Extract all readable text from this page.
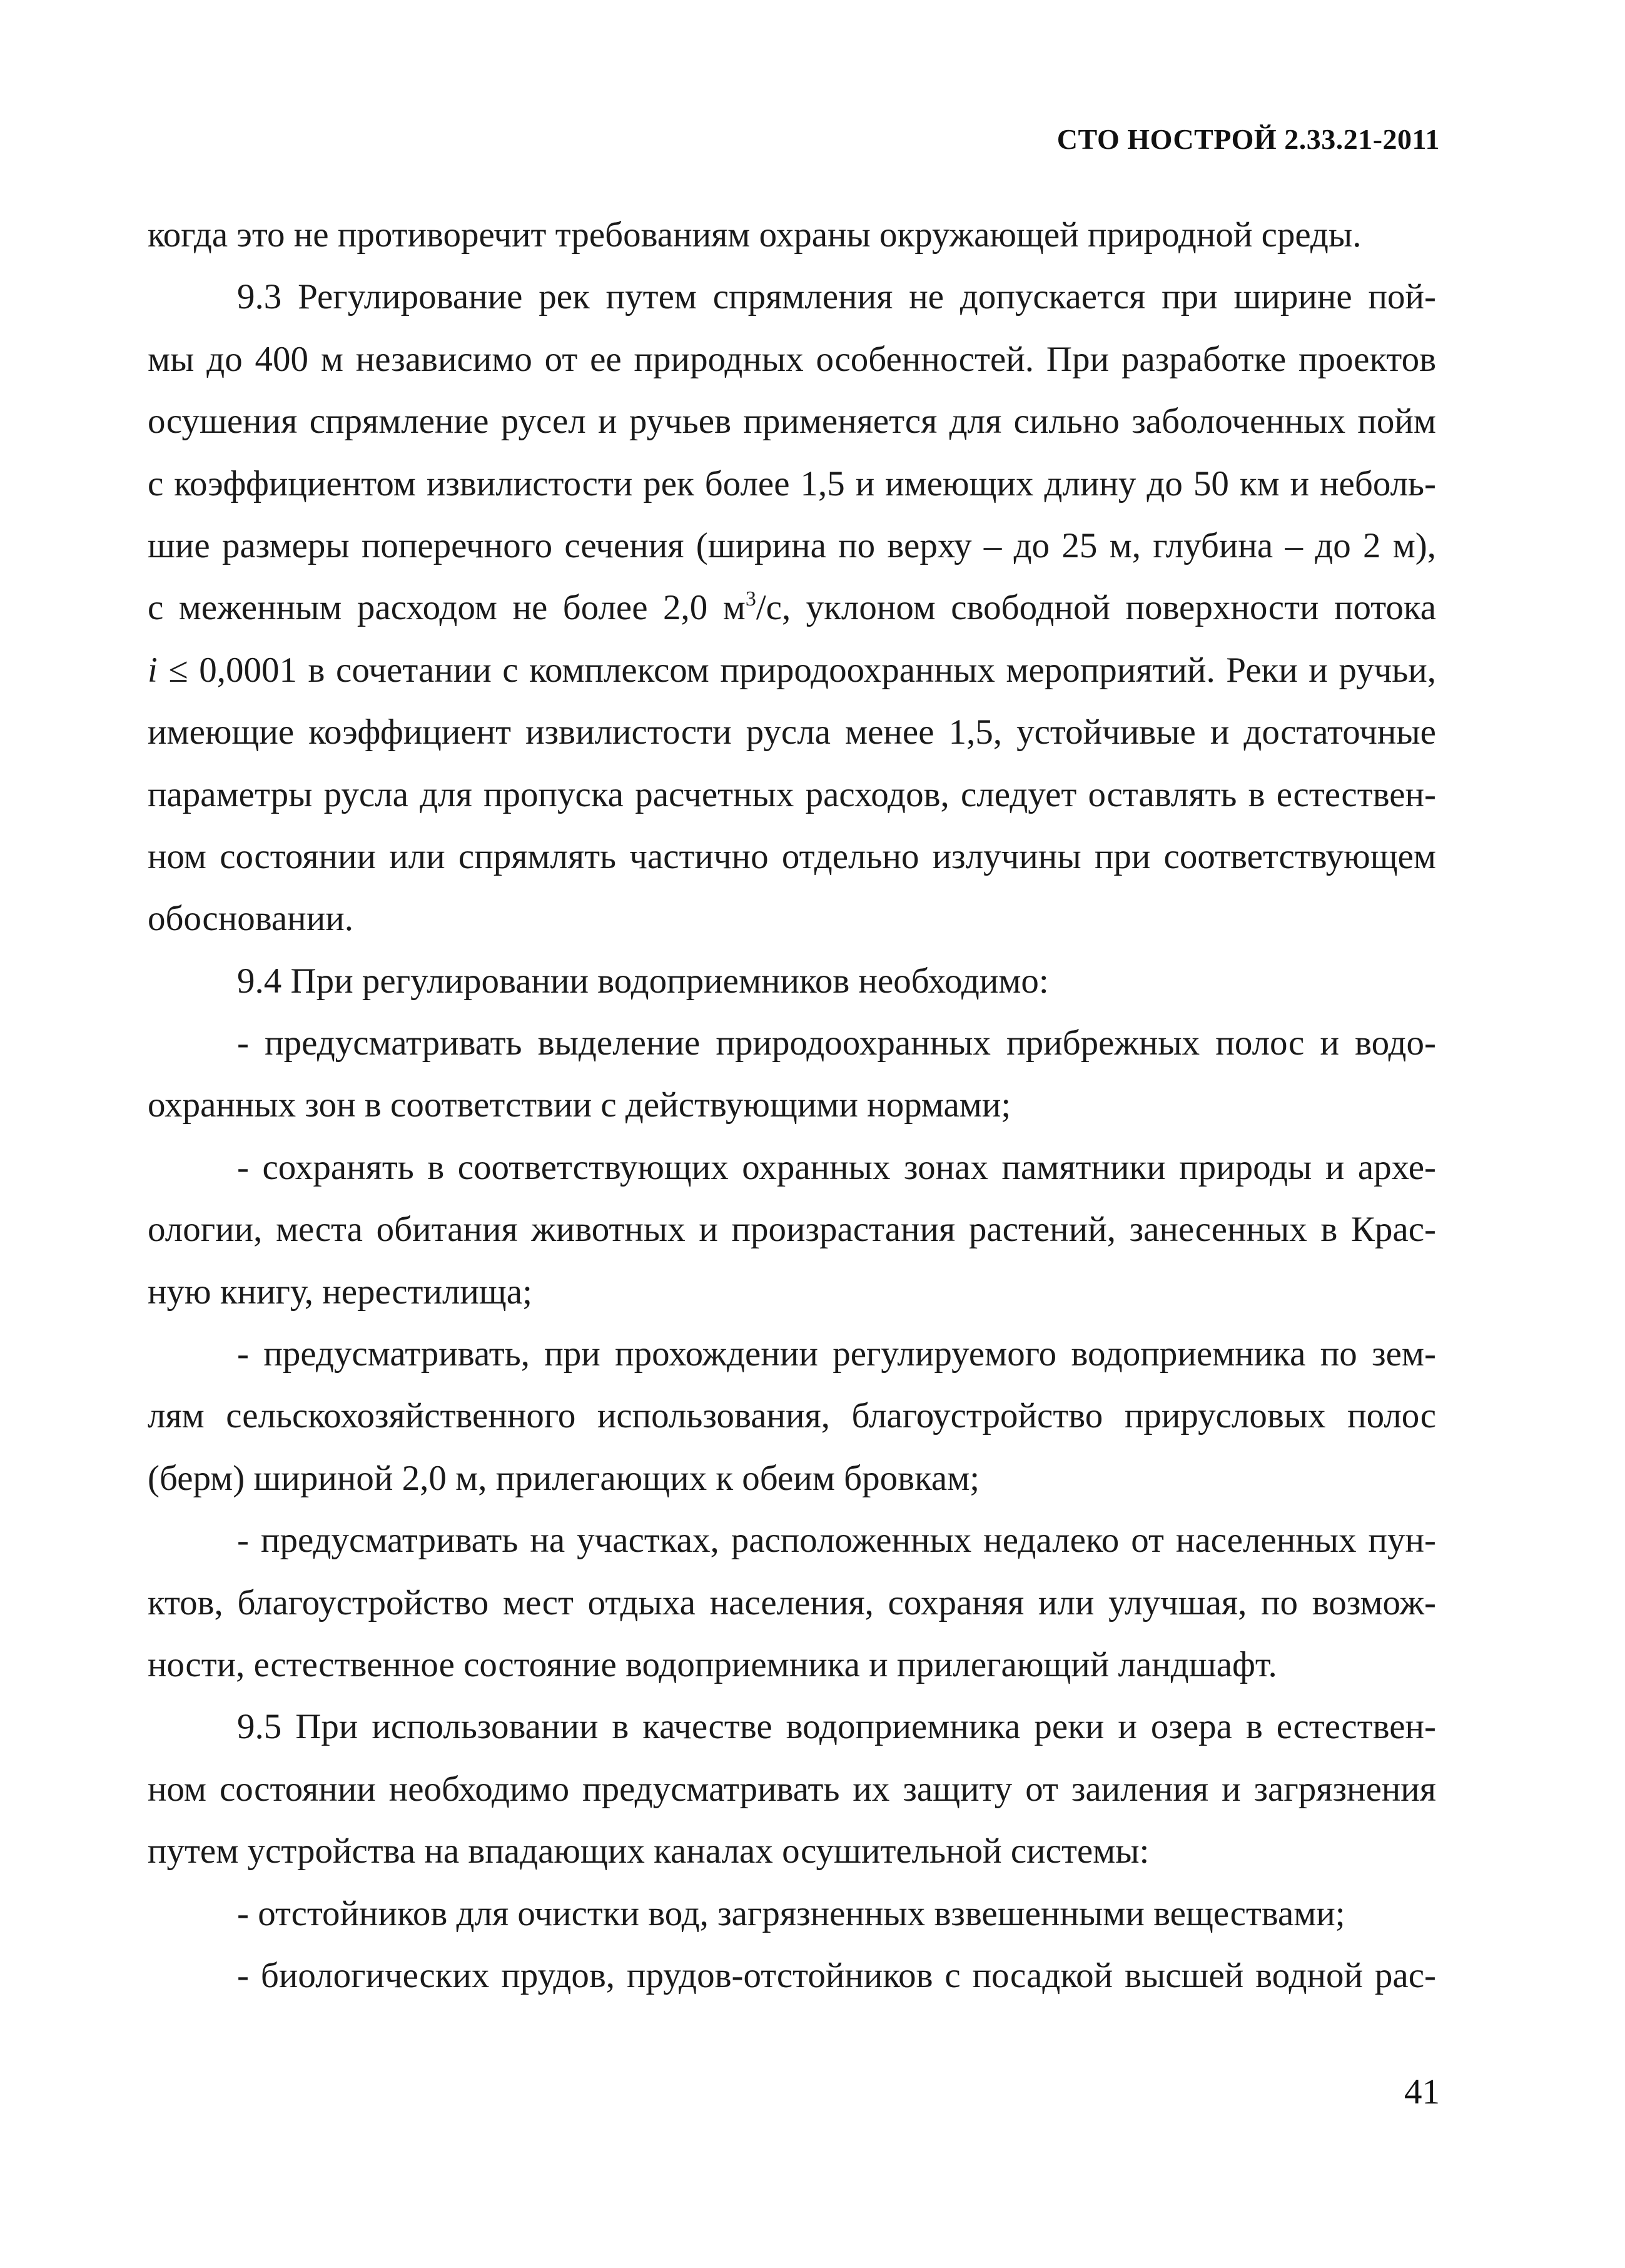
СТО НОСТРОЙ 2.33.21-2011
когда это не противоречит требованиям охраны окружающей природной среды.
9.3 Регулирование рек путем спрямления не допускается при ширине пой-
мы до 400 м независимо от ее природных особенностей. При разработке проектов
осушения спрямление русел и ручьев применяется для сильно заболоченных пойм
с коэффициентом извилистости рек более 1,5 и имеющих длину до 50 км и неболь-
шие размеры поперечного сечения (ширина по верху – до 25 м, глубина – до 2 м),
с меженным расходом не более 2,0 $м^3/с$, уклоном свободной поверхности потока
i ≤ 0,0001 в сочетании с комплексом природоохранных мероприятий. Реки и ручьи,
имеющие коэффициент извилистости русла менее 1,5, устойчивые и достаточные
параметры русла для пропуска расчетных расходов, следует оставлять в естествен-
ном состоянии или спрямлять частично отдельно излучины при соответствующем
обосновании.
9.4 При регулировании водоприемников необходимо:
- предусматривать выделение природоохранных прибрежных полос и водо-
охранных зон в соответствии с действующими нормами;
- сохранять в соответствующих охранных зонах памятники природы и архе-
ологии, места обитания животных и произрастания растений, занесенных в Крас-
ную книгу, нерестилища;
- предусматривать, при прохождении регулируемого водоприемника по зем-
лям сельскохозяйственного использования, благоустройство прирусловых полос
(берм) шириной 2,0 м, прилегающих к обеим бровкам;
- предусматривать на участках, расположенных недалеко от населенных пун-
ктов, благоустройство мест отдыха населения, сохраняя или улучшая, по возмож-
ности, естественное состояние водоприемника и прилегающий ландшафт.
9.5 При использовании в качестве водоприемника реки и озера в естествен-
ном состоянии необходимо предусматривать их защиту от заиления и загрязнения
путем устройства на впадающих каналах осушительной системы:
- отстойников для очистки вод, загрязненных взвешенными веществами;
- биологических прудов, прудов-отстойников с посадкой высшей водной рас-
41
